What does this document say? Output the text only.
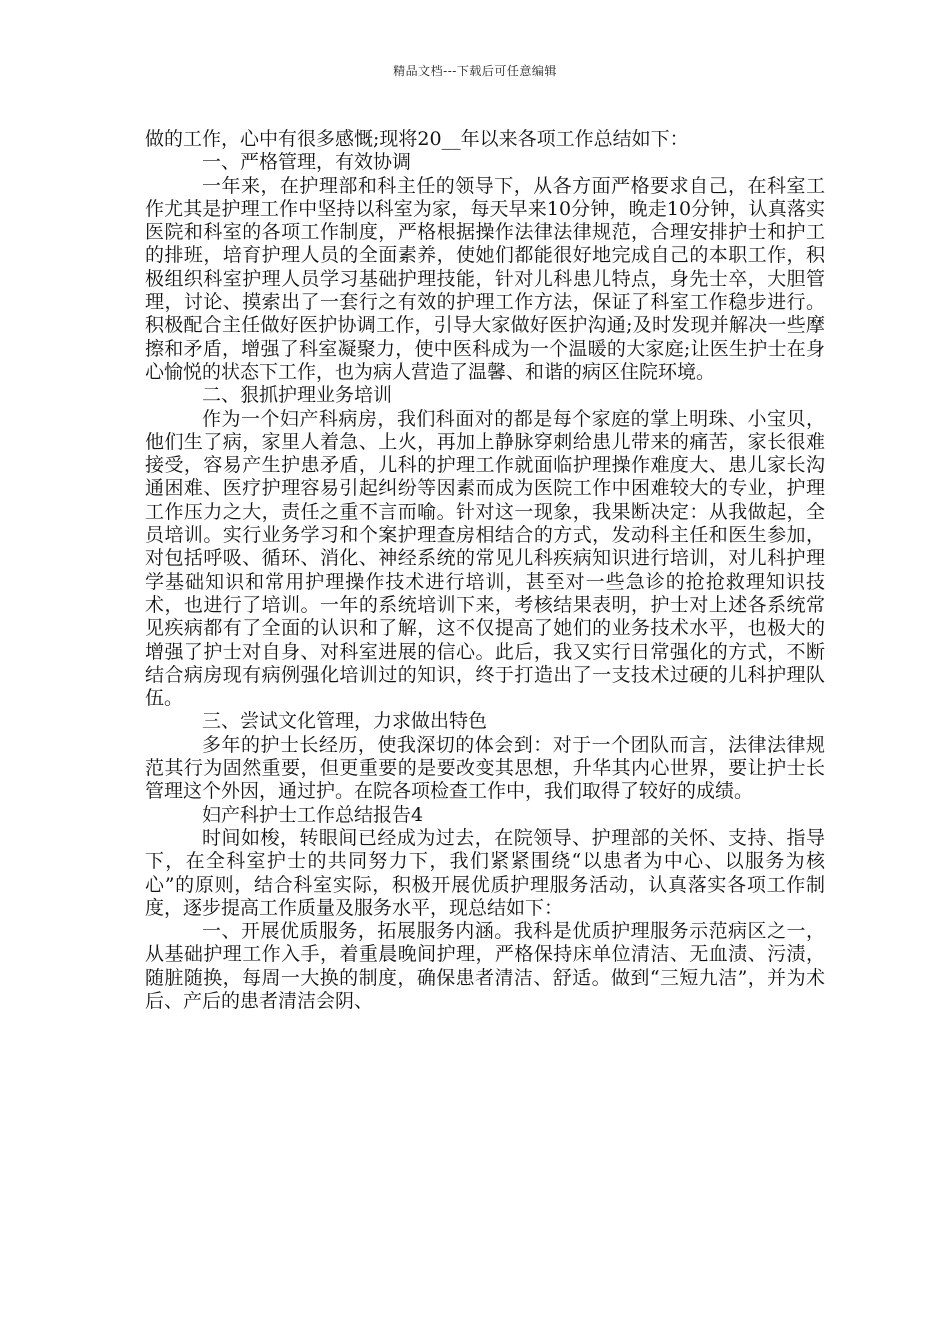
精品文档---下载后可任意编辑

做的工作，心中有很多感慨;现将20__年以来各项工作总结如下：

一、严格管理，有效协调

一年来，在护理部和科主任的领导下，从各方面严格要求自己，在科室工作尤其是护理工作中坚持以科室为家，每天早来10分钟，晚走10分钟，认真落实医院和科室的各项工作制度，严格根据操作法律法律规范，合理安排护士和护工的排班，培育护理人员的全面素养，使她们都能很好地完成自己的本职工作，积极组织科室护理人员学习基础护理技能，针对儿科患儿特点，身先士卒，大胆管理，讨论、摸索出了一套行之有效的护理工作方法，保证了科室工作稳步进行。积极配合主任做好医护协调工作，引导大家做好医护沟通;及时发现并解决一些摩擦和矛盾，增强了科室凝聚力，使中医科成为一个温暖的大家庭;让医生护士在身心愉悦的状态下工作，也为病人营造了温馨、和谐的病区住院环境。

二、狠抓护理业务培训

作为一个妇产科病房，我们科面对的都是每个家庭的掌上明珠、小宝贝，他们生了病，家里人着急、上火，再加上静脉穿刺给患儿带来的痛苦，家长很难接受，容易产生护患矛盾，儿科的护理工作就面临护理操作难度大、患儿家长沟通困难、医疗护理容易引起纠纷等因素而成为医院工作中困难较大的专业，护理工作压力之大，责任之重不言而喻。针对这一现象，我果断决定：从我做起，全员培训。实行业务学习和个案护理查房相结合的方式，发动科主任和医生参加，对包括呼吸、循环、消化、神经系统的常见儿科疾病知识进行培训，对儿科护理学基础知识和常用护理操作技术进行培训，甚至对一些急诊的抢抢救理知识技术，也进行了培训。一年的系统培训下来，考核结果表明，护士对上述各系统常见疾病都有了全面的认识和了解，这不仅提高了她们的业务技术水平，也极大的增强了护士对自身、对科室进展的信心。此后，我又实行日常强化的方式，不断结合病房现有病例强化培训过的知识，终于打造出了一支技术过硬的儿科护理队伍。

三、尝试文化管理，力求做出特色

多年的护士长经历，使我深切的体会到：对于一个团队而言，法律法律规范其行为固然重要，但更重要的是要改变其思想，升华其内心世界，要让护士长管理这个外因，通过护。在院各项检查工作中，我们取得了较好的成绩。

妇产科护士工作总结报告4

时间如梭，转眼间已经成为过去，在院领导、护理部的关怀、支持、指导下，在全科室护士的共同努力下，我们紧紧围绕“以患者为中心、以服务为核心”的原则，结合科室实际，积极开展优质护理服务活动，认真落实各项工作制度，逐步提高工作质量及服务水平，现总结如下：

一、开展优质服务，拓展服务内涵。我科是优质护理服务示范病区之一，从基础护理工作入手，着重晨晚间护理，严格保持床单位清洁、无血渍、污渍，随脏随换，每周一大换的制度，确保患者清洁、舒适。做到“三短九洁”，并为术后、产后的患者清洁会阴、
